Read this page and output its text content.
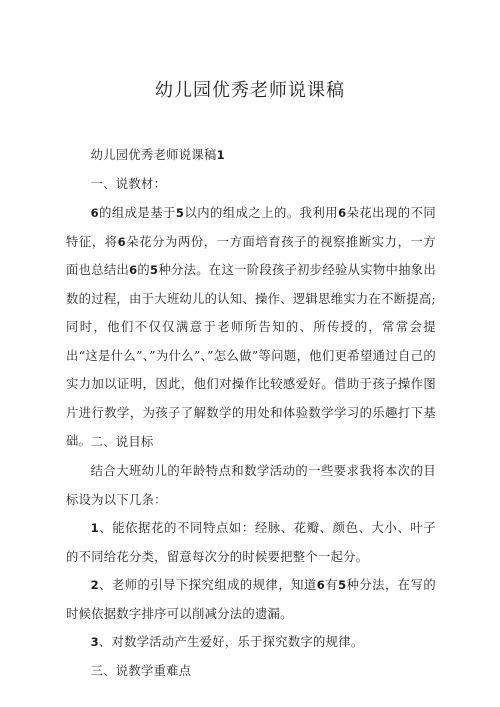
幼儿园优秀老师说课稿
幼儿园优秀老师说课稿1
一、说教材：
6的组成是基于5以内的组成之上的。我利用6朵花出现的不同特征，将6朵花分为两份，一方面培育孩子的视察推断实力，一方面也总结出6的5种分法。在这一阶段孩子初步经验从实物中抽象出数的过程，由于大班幼儿的认知、操作、逻辑思维实力在不断提高;同时，他们不仅仅满意于老师所告知的、所传授的，常常会提出“这是什么”、”为什么”、”怎么做”等问题，他们更希望通过自己的实力加以证明，因此，他们对操作比较感爱好。借助于孩子操作图片进行教学，为孩子了解数学的用处和体验数学学习的乐趣打下基础。 二、说目标
结合大班幼儿的年龄特点和数学活动的一些要求我将本次的目标设为以下几条：
1、能依据花的不同特点如：经脉、花瓣、颜色、大小、叶子的不同给花分类，留意每次分的时候要把整个一起分。
2、老师的引导下探究组成的规律，知道6有5种分法，在写的时候依据数字排序可以削减分法的遗漏。
3、对数学活动产生爱好，乐于探究数字的规律。
三、说教学重难点
